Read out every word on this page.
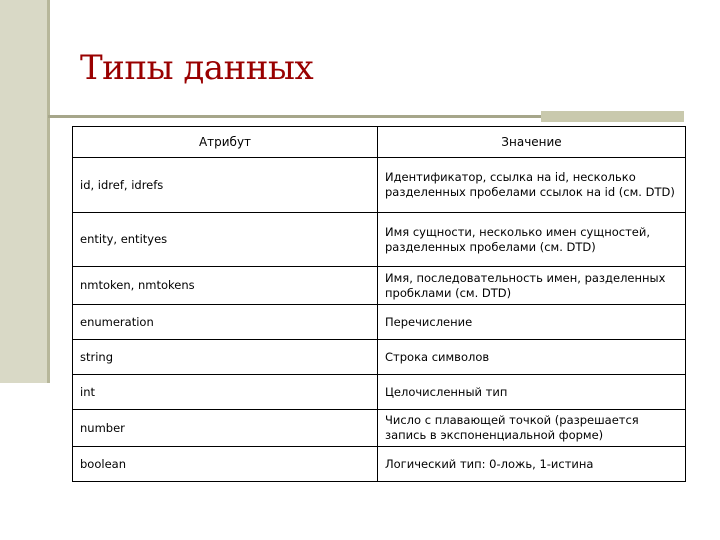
Типы данных
Атрибут	Значение
id, idref, idrefs	Идентификатор, ссылка на id, несколько разделенных пробелами ссылок на id (см. DTD)
entity, entityes	Имя сущности, несколько имен сущностей, разделенных пробелами (см. DTD)
nmtoken, nmtokens	Имя, последовательность имен, разделенных пробклами (см. DTD)
enumeration	Перечисление
string	Строка символов
int	Целочисленный тип
number	Число с плавающей точкой (разрешается запись в экспоненциальной форме)
boolean	Логический тип: 0-ложь, 1-истина
